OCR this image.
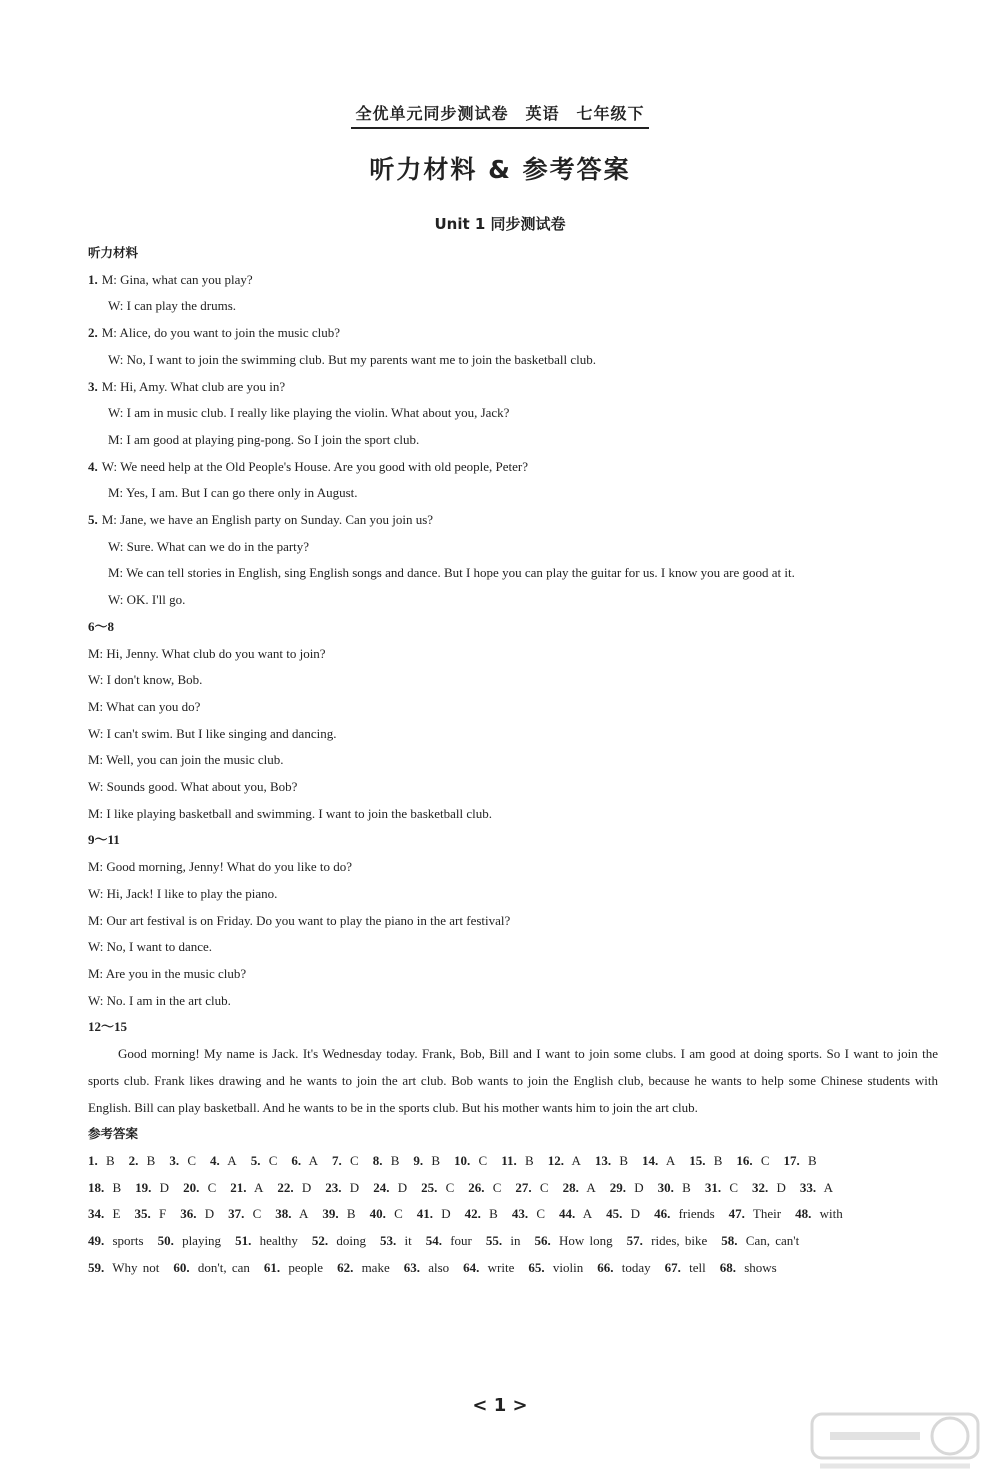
全优单元同步测试卷　英语　七年级下
听力材料 & 参考答案
Unit 1 同步测试卷
听力材料
1. M: Gina, what can you play?
W: I can play the drums.
2. M: Alice, do you want to join the music club?
W: No, I want to join the swimming club. But my parents want me to join the basketball club.
3. M: Hi, Amy. What club are you in?
W: I am in music club. I really like playing the violin. What about you, Jack?
M: I am good at playing ping-pong. So I join the sport club.
4. W: We need help at the Old People's House. Are you good with old people, Peter?
M: Yes, I am. But I can go there only in August.
5. M: Jane, we have an English party on Sunday. Can you join us?
W: Sure. What can we do in the party?
M: We can tell stories in English, sing English songs and dance. But I hope you can play the guitar for us. I know you are good at it.
W: OK. I'll go.
6～8
M: Hi, Jenny. What club do you want to join?
W: I don't know, Bob.
M: What can you do?
W: I can't swim. But I like singing and dancing.
M: Well, you can join the music club.
W: Sounds good. What about you, Bob?
M: I like playing basketball and swimming. I want to join the basketball club.
9～11
M: Good morning, Jenny! What do you like to do?
W: Hi, Jack! I like to play the piano.
M: Our art festival is on Friday. Do you want to play the piano in the art festival?
W: No, I want to dance.
M: Are you in the music club?
W: No. I am in the art club.
12～15
Good morning! My name is Jack. It's Wednesday today. Frank, Bob, Bill and I want to join some clubs. I am good at doing sports. So I want to join the sports club. Frank likes drawing and he wants to join the art club. Bob wants to join the English club, because he wants to help some Chinese students with English. Bill can play basketball. And he wants to be in the sports club. But his mother wants him to join the art club.
参考答案
1. B 2. B 3. C 4. A 5. C 6. A 7. C 8. B 9. B 10. C 11. B 12. A 13. B 14. A 15. B 16. C 17. B
18. B 19. D 20. C 21. A 22. D 23. D 24. D 25. C 26. C 27. C 28. A 29. D 30. B 31. C 32. D 33. A
34. E 35. F 36. D 37. C 38. A 39. B 40. C 41. D 42. B 43. C 44. A 45. D 46. friends 47. Their 48. with
49. sports 50. playing 51. healthy 52. doing 53. it 54. four 55. in 56. How long 57. rides, bike 58. Can, can't
59. Why not 60. don't, can 61. people 62. make 63. also 64. write 65. violin 66. today 67. tell 68. shows
< 1 >
